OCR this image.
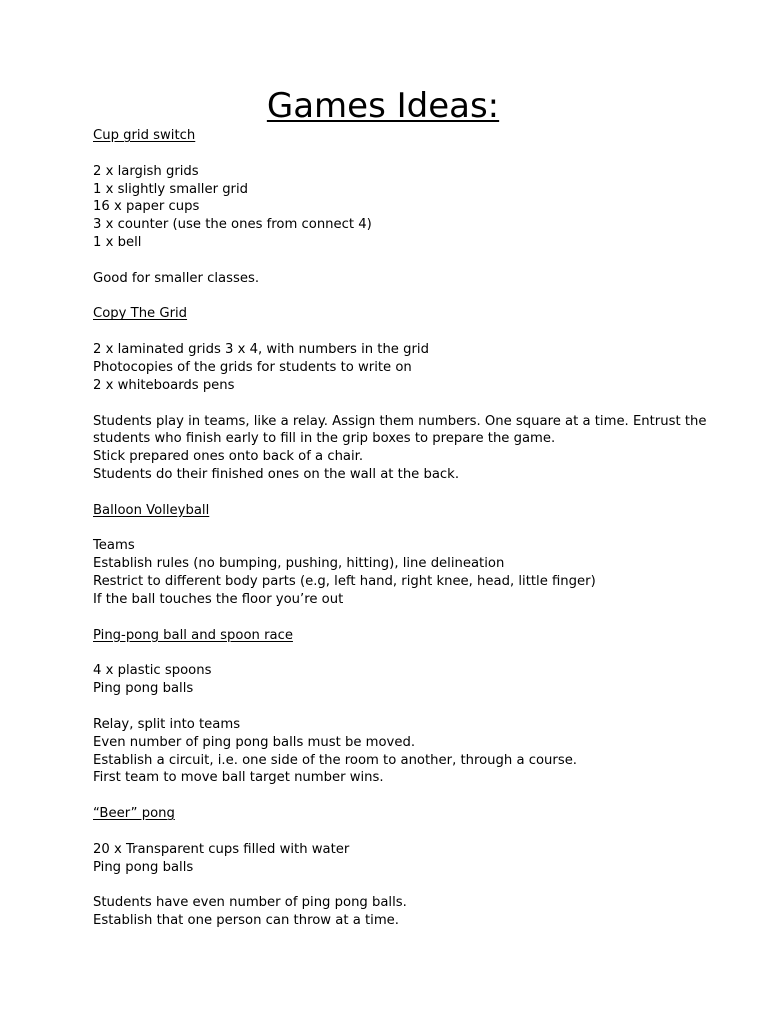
Games Ideas:
Cup grid switch
2 x largish grids
1 x slightly smaller grid
16 x paper cups
3 x counter (use the ones from connect 4)
1 x bell
Good for smaller classes.
Copy The Grid
2 x laminated grids 3 x 4, with numbers in the grid
Photocopies of the grids for students to write on
2 x whiteboards pens
Students play in teams, like a relay. Assign them numbers. One square at a time. Entrust the
students who finish early to fill in the grip boxes to prepare the game.
Stick prepared ones onto back of a chair.
Students do their finished ones on the wall at the back.
Balloon Volleyball
Teams
Establish rules (no bumping, pushing, hitting), line delineation
Restrict to different body parts (e.g, left hand, right knee, head, little finger)
If the ball touches the floor you’re out
Ping-pong ball and spoon race
4 x plastic spoons
Ping pong balls
Relay, split into teams
Even number of ping pong balls must be moved.
Establish a circuit, i.e. one side of the room to another, through a course.
First team to move ball target number wins.
“Beer” pong
20 x Transparent cups filled with water
Ping pong balls
Students have even number of ping pong balls.
Establish that one person can throw at a time.
